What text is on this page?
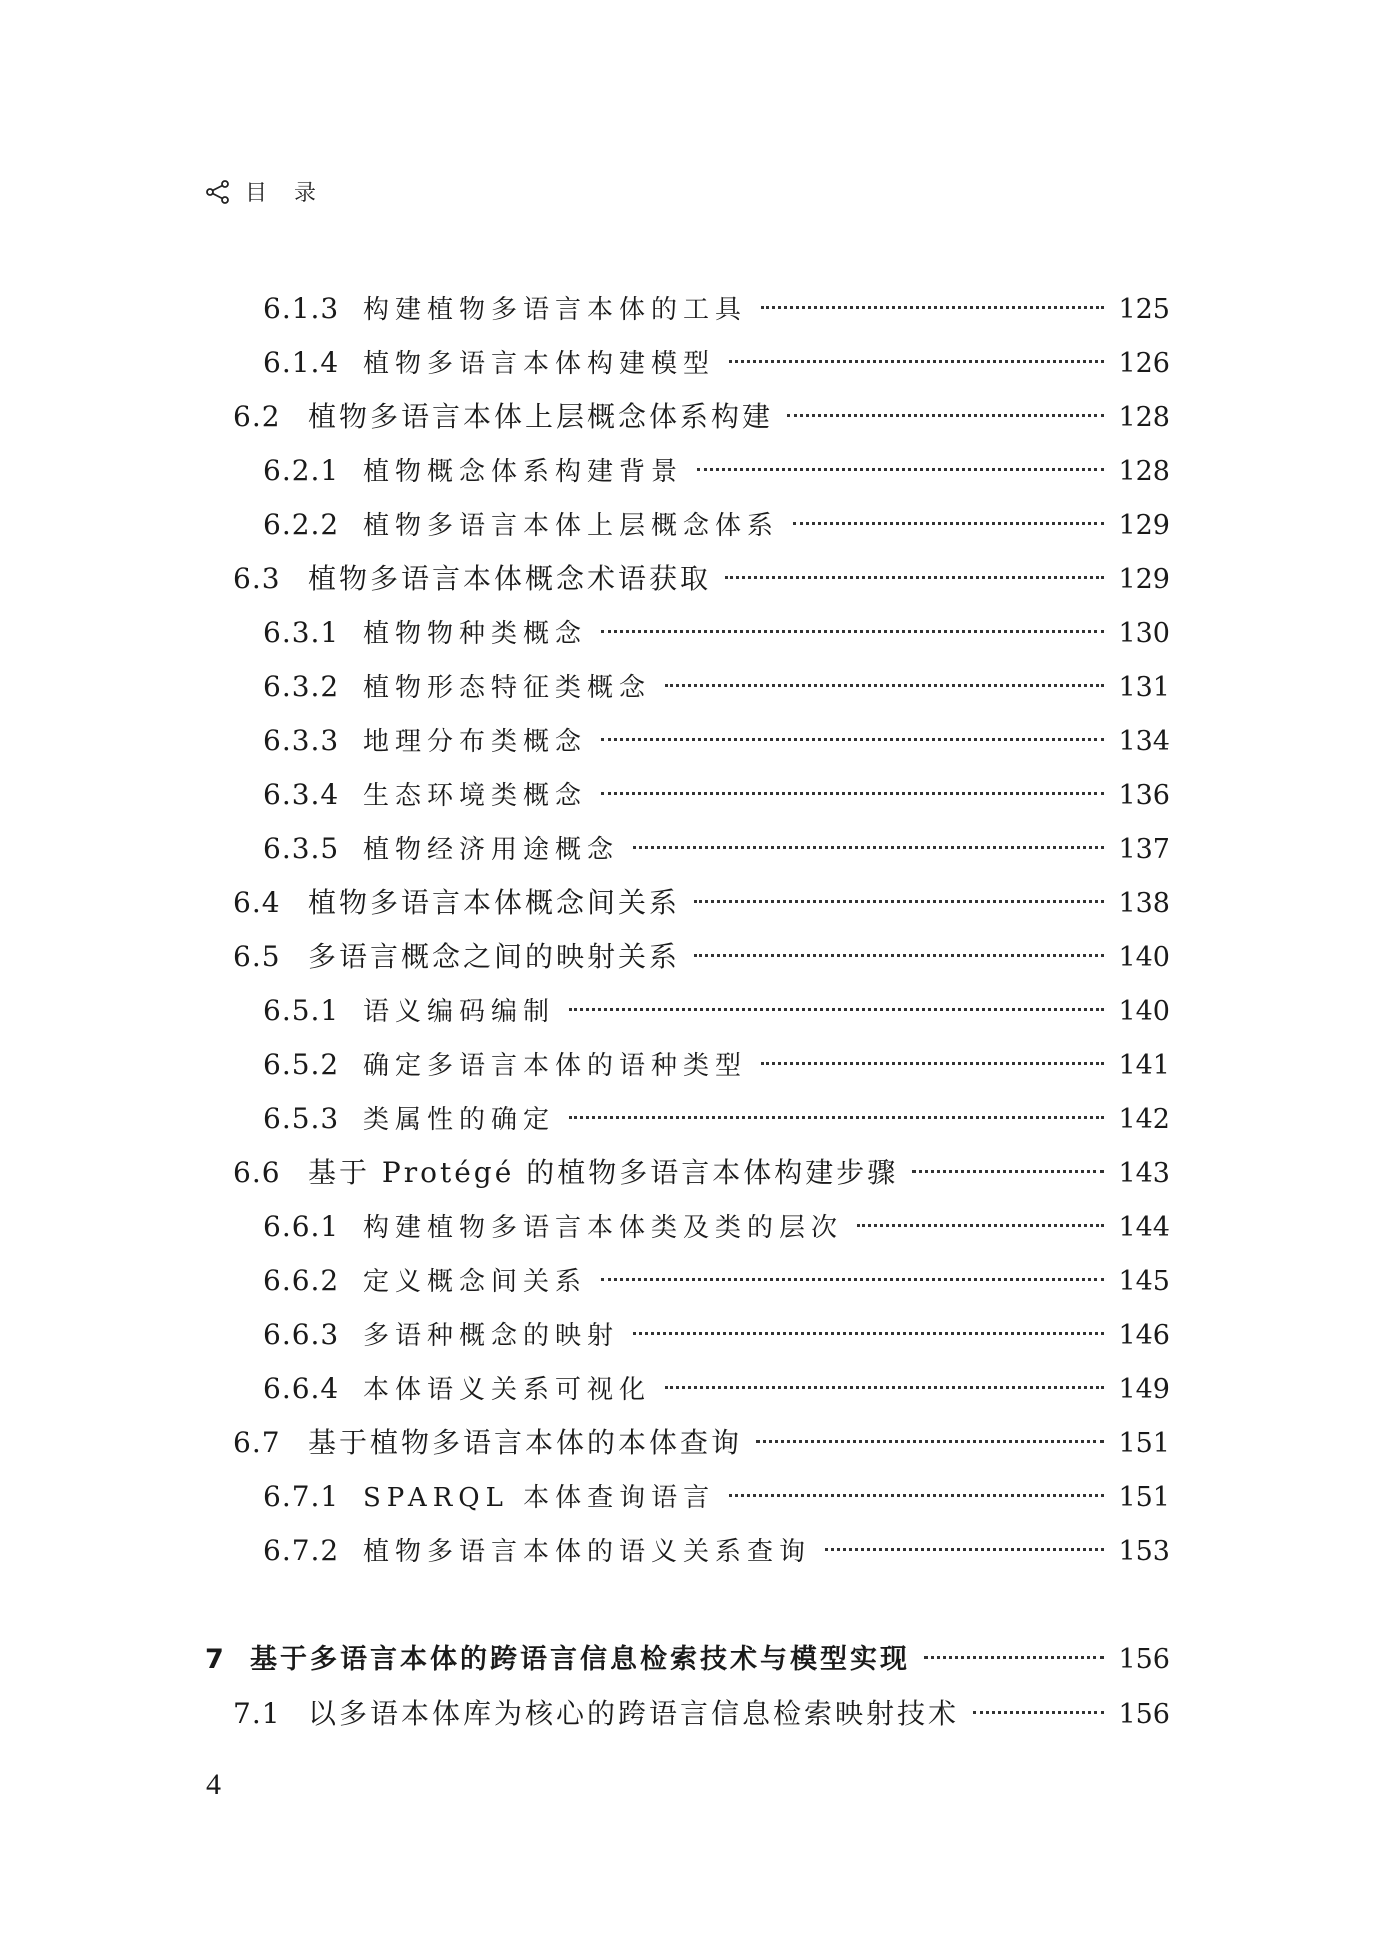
目 录
6.1.3 构建植物多语言本体的工具	125
6.1.4 植物多语言本体构建模型	126
6.2 植物多语言本体上层概念体系构建	128
6.2.1 植物概念体系构建背景	128
6.2.2 植物多语言本体上层概念体系	129
6.3 植物多语言本体概念术语获取	129
6.3.1 植物物种类概念	130
6.3.2 植物形态特征类概念	131
6.3.3 地理分布类概念	134
6.3.4 生态环境类概念	136
6.3.5 植物经济用途概念	137
6.4 植物多语言本体概念间关系	138
6.5 多语言概念之间的映射关系	140
6.5.1 语义编码编制	140
6.5.2 确定多语言本体的语种类型	141
6.5.3 类属性的确定	142
6.6 基于 Protégé 的植物多语言本体构建步骤	143
6.6.1 构建植物多语言本体类及类的层次	144
6.6.2 定义概念间关系	145
6.6.3 多语种概念的映射	146
6.6.4 本体语义关系可视化	149
6.7 基于植物多语言本体的本体查询	151
6.7.1 SPARQL 本体查询语言	151
6.7.2 植物多语言本体的语义关系查询	153
7 基于多语言本体的跨语言信息检索技术与模型实现	156
7.1 以多语本体库为核心的跨语言信息检索映射技术	156
4
